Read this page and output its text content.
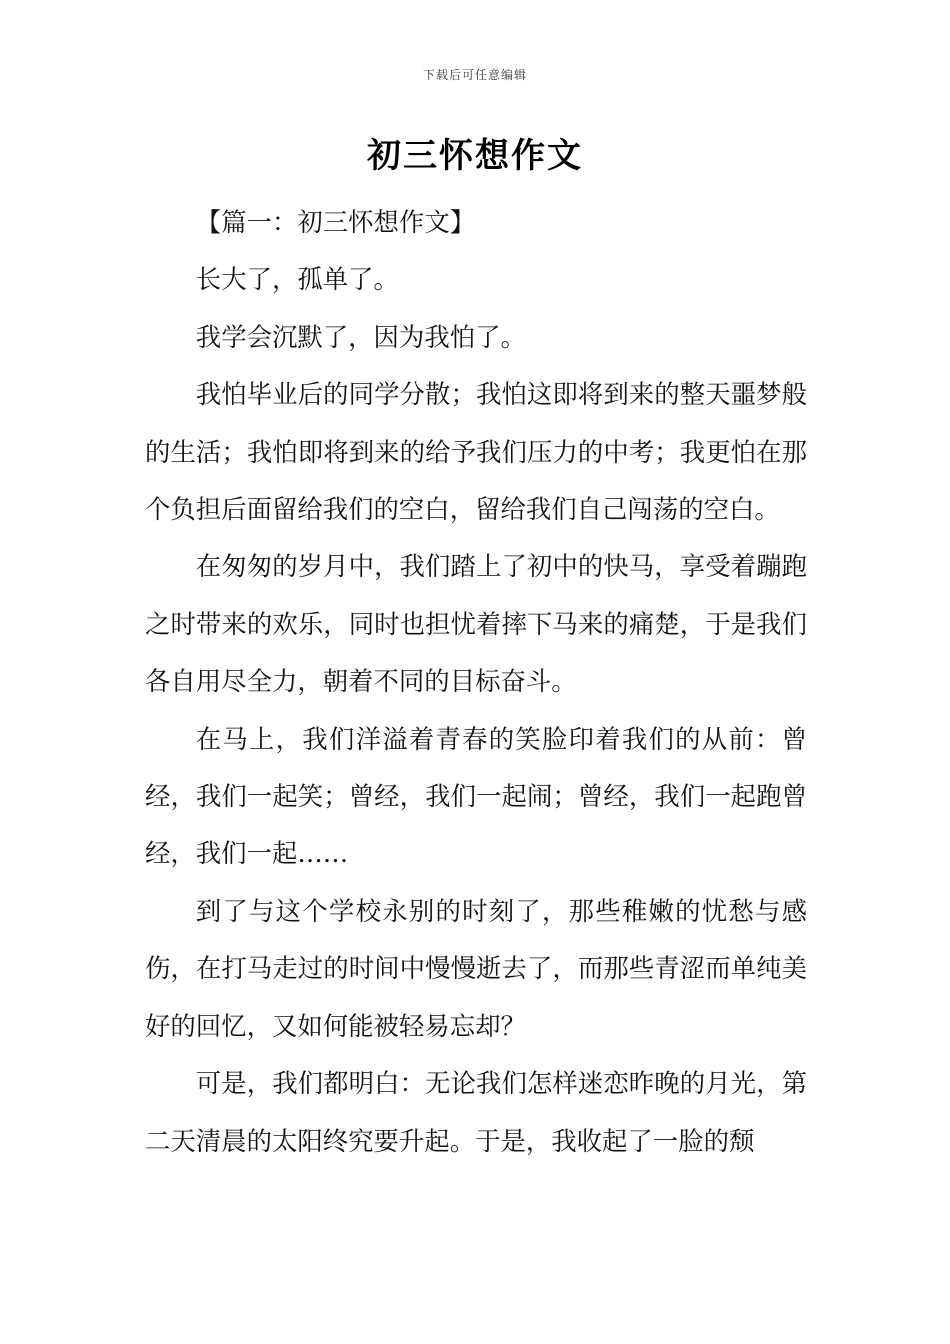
下载后可任意编辑
初三怀想作文

【篇一：初三怀想作文】

长大了，孤单了。

我学会沉默了，因为我怕了。

我怕毕业后的同学分散；我怕这即将到来的整天噩梦般的生活；我怕即将到来的给予我们压力的中考；我更怕在那个负担后面留给我们的空白，留给我们自己闯荡的空白。

在匆匆的岁月中，我们踏上了初中的快马，享受着蹦跑之时带来的欢乐，同时也担忧着摔下马来的痛楚，于是我们各自用尽全力，朝着不同的目标奋斗。

在马上，我们洋溢着青春的笑脸印着我们的从前：曾经，我们一起笑；曾经，我们一起闹；曾经，我们一起跑曾经，我们一起……

到了与这个学校永别的时刻了，那些稚嫩的忧愁与感伤，在打马走过的时间中慢慢逝去了，而那些青涩而单纯美好的回忆，又如何能被轻易忘却？

可是，我们都明白：无论我们怎样迷恋昨晚的月光，第二天清晨的太阳终究要升起。于是，我收起了一脸的颓
